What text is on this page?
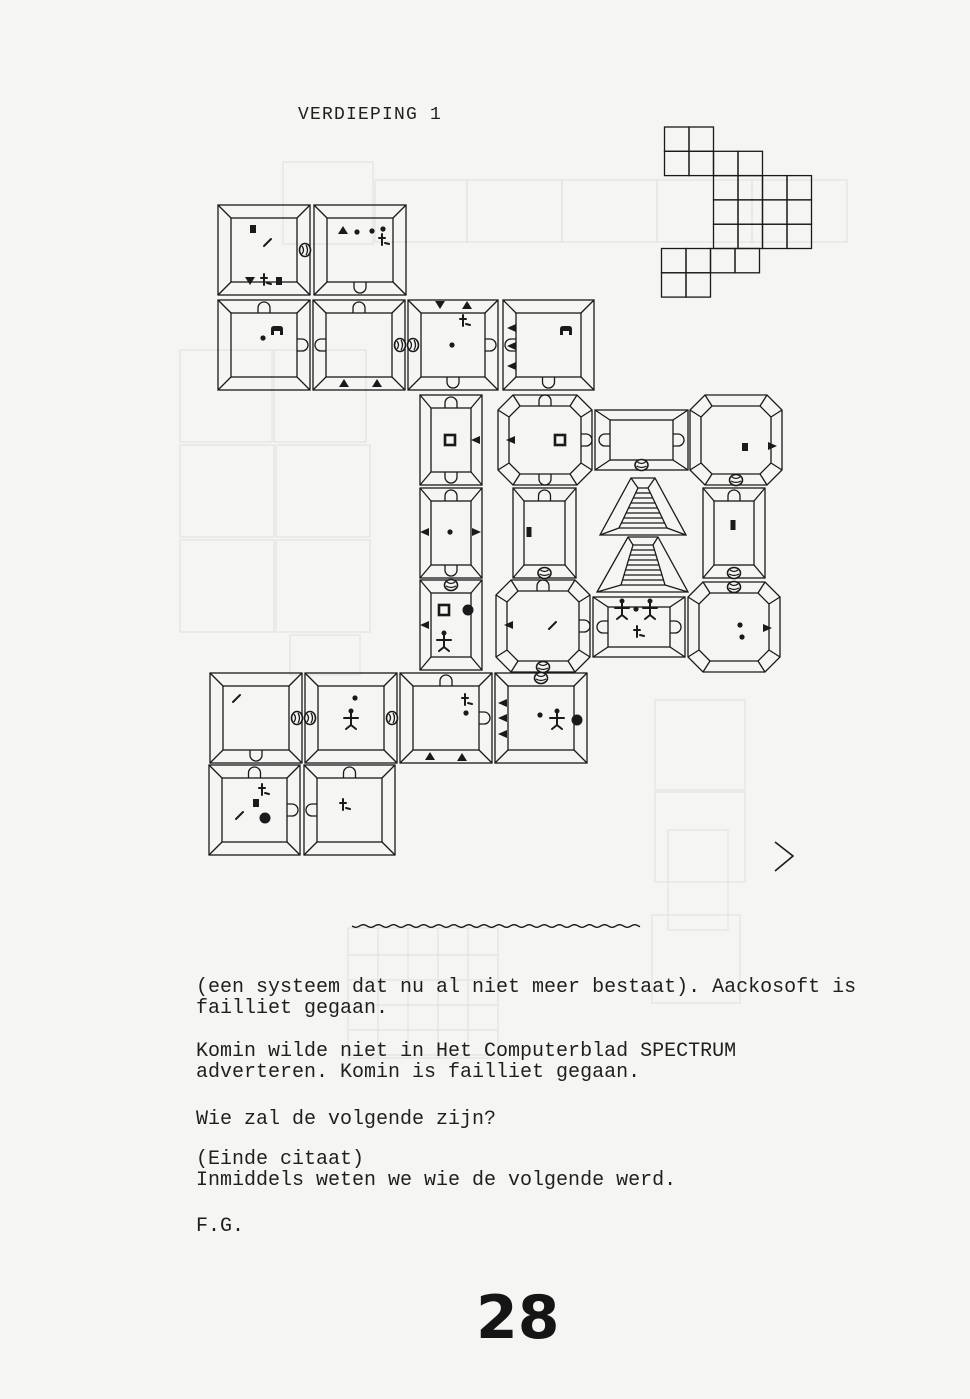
VERDIEPING 1
(een systeem dat nu al niet meer bestaat). Aackosoft is
failliet gegaan.
Komin wilde niet in Het Computerblad SPECTRUM
adverteren. Komin is failliet gegaan.
Wie zal de volgende zijn?
(Einde citaat)
Inmiddels weten we wie de volgende werd.
F.G.
28
